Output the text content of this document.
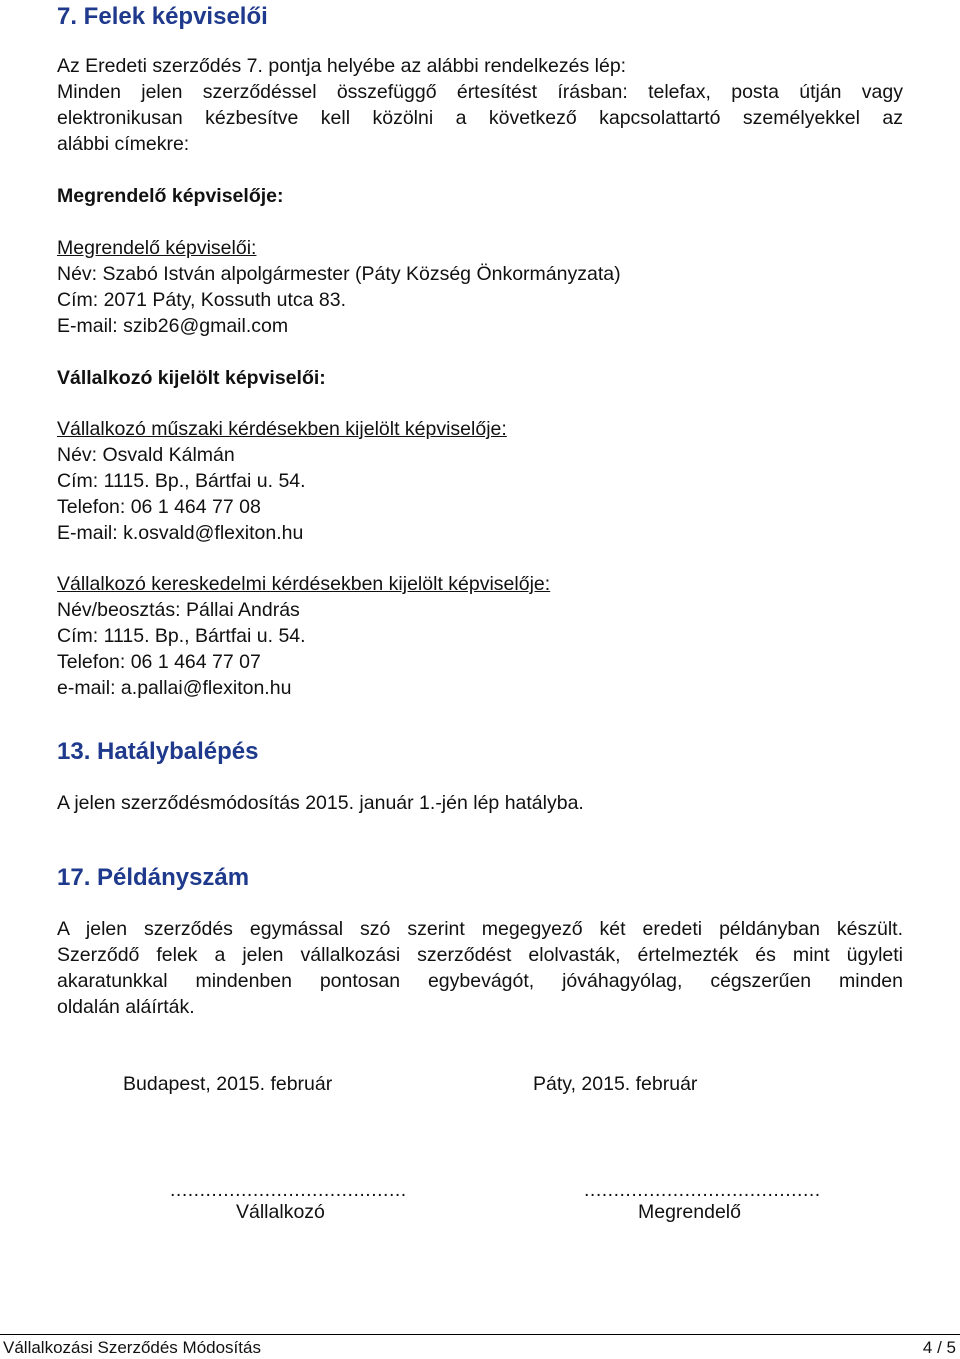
7. Felek képviselői
Az Eredeti szerződés 7. pontja helyébe az alábbi rendelkezés lép:
Minden jelen szerződéssel összefüggő értesítést írásban: telefax, posta útján vagy
elektronikusan kézbesítve kell közölni a következő kapcsolattartó személyekkel az
alábbi címekre:
Megrendelő képviselője:
Megrendelő képviselői:
Név: Szabó István alpolgármester (Páty Község Önkormányzata)
Cím: 2071 Páty, Kossuth utca 83.
E-mail: szib26@gmail.com
Vállalkozó kijelölt képviselői:
Vállalkozó műszaki kérdésekben kijelölt képviselője:
Név: Osvald Kálmán
Cím: 1115. Bp., Bártfai u. 54.
Telefon: 06 1 464 77 08
E-mail: k.osvald@flexiton.hu
Vállalkozó kereskedelmi kérdésekben kijelölt képviselője:
Név/beosztás: Pállai András
Cím: 1115. Bp., Bártfai u. 54.
Telefon: 06 1 464 77 07
e-mail: a.pallai@flexiton.hu
13. Hatálybalépés
A jelen szerződésmódosítás 2015. január 1.-jén lép hatályba.
17. Példányszám
A jelen szerződés egymással szó szerint megegyező két eredeti példányban készült.
Szerződő felek a jelen vállalkozási szerződést elolvasták, értelmezték és mint ügyleti
akaratunkkal mindenben pontosan egybevágót, jóváhagyólag, cégszerűen minden
oldalán aláírták.
Budapest, 2015. február	Páty, 2015. február
........................................	........................................
Vállalkozó	Megrendelő
Vállalkozási Szerződés Módosítás	4 / 5
